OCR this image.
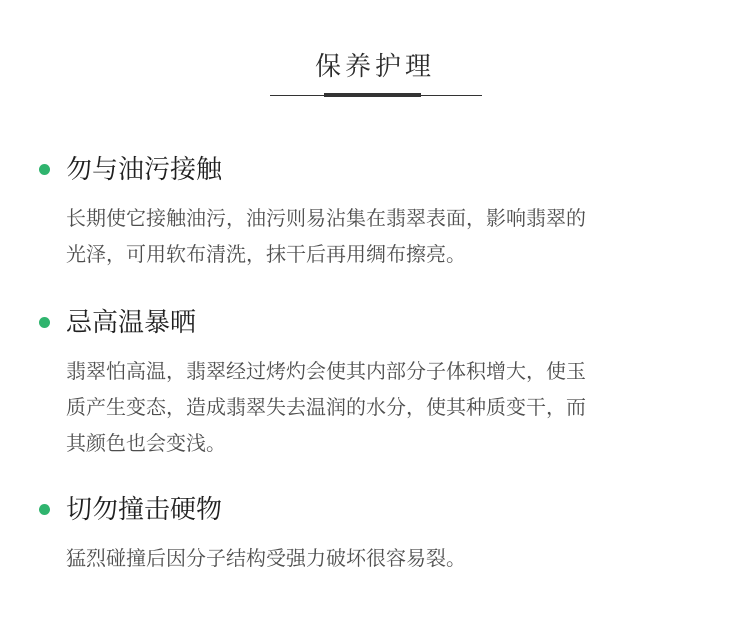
保养护理
勿与油污接触
长期使它接触油污，油污则易沾集在翡翠表面，影响翡翠的
光泽，可用软布清洗，抹干后再用绸布擦亮。
忌高温暴晒
翡翠怕高温，翡翠经过烤灼会使其内部分子体积增大，使玉
质产生变态，造成翡翠失去温润的水分，使其种质变干，而
其颜色也会变浅。
切勿撞击硬物
猛烈碰撞后因分子结构受强力破坏很容易裂。
